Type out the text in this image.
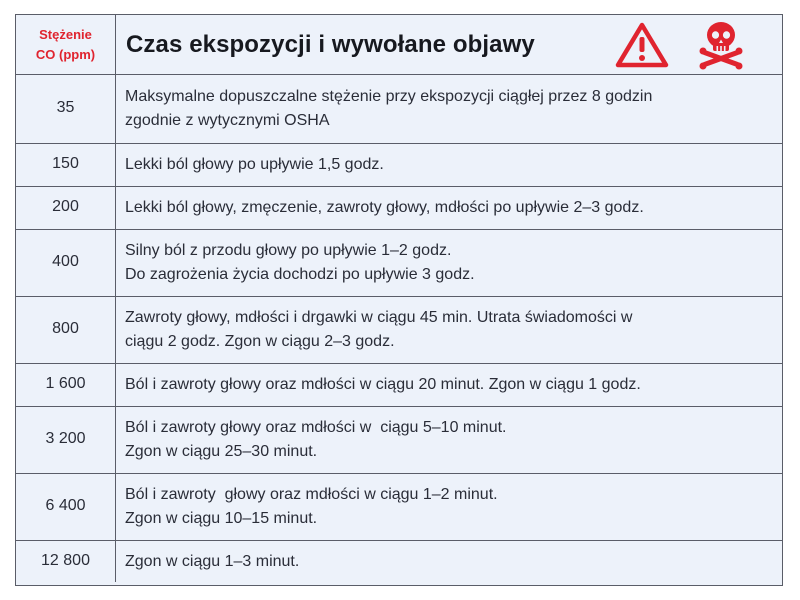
Stężenie
CO (ppm) Czas ekspozycji i wywołane objawy
35
Maksymalne dopuszczalne stężenie przy ekspozycji ciągłej przez 8 godzin
zgodnie z wytycznymi OSHA
150	Lekki ból głowy po upływie 1,5 godz.
200	Lekki ból głowy, zmęczenie, zawroty głowy, mdłości po upływie 2–3 godz.
400
Silny ból z przodu głowy po upływie 1–2 godz.
Do zagrożenia życia dochodzi po upływie 3 godz.
800
Zawroty głowy, mdłości i drgawki w ciągu 45 min. Utrata świadomości w
ciągu 2 godz. Zgon w ciągu 2–3 godz.
1 600 Ból i zawroty głowy oraz mdłości w ciągu 20 minut. Zgon w ciągu 1 godz.
3 200
Ból i zawroty głowy oraz mdłości w  ciągu 5–10 minut.
Zgon w ciągu 25–30 minut.
6 400
Ból i zawroty  głowy oraz mdłości w ciągu 1–2 minut.
Zgon w ciągu 10–15 minut.
12 800 Zgon w ciągu 1–3 minut.
